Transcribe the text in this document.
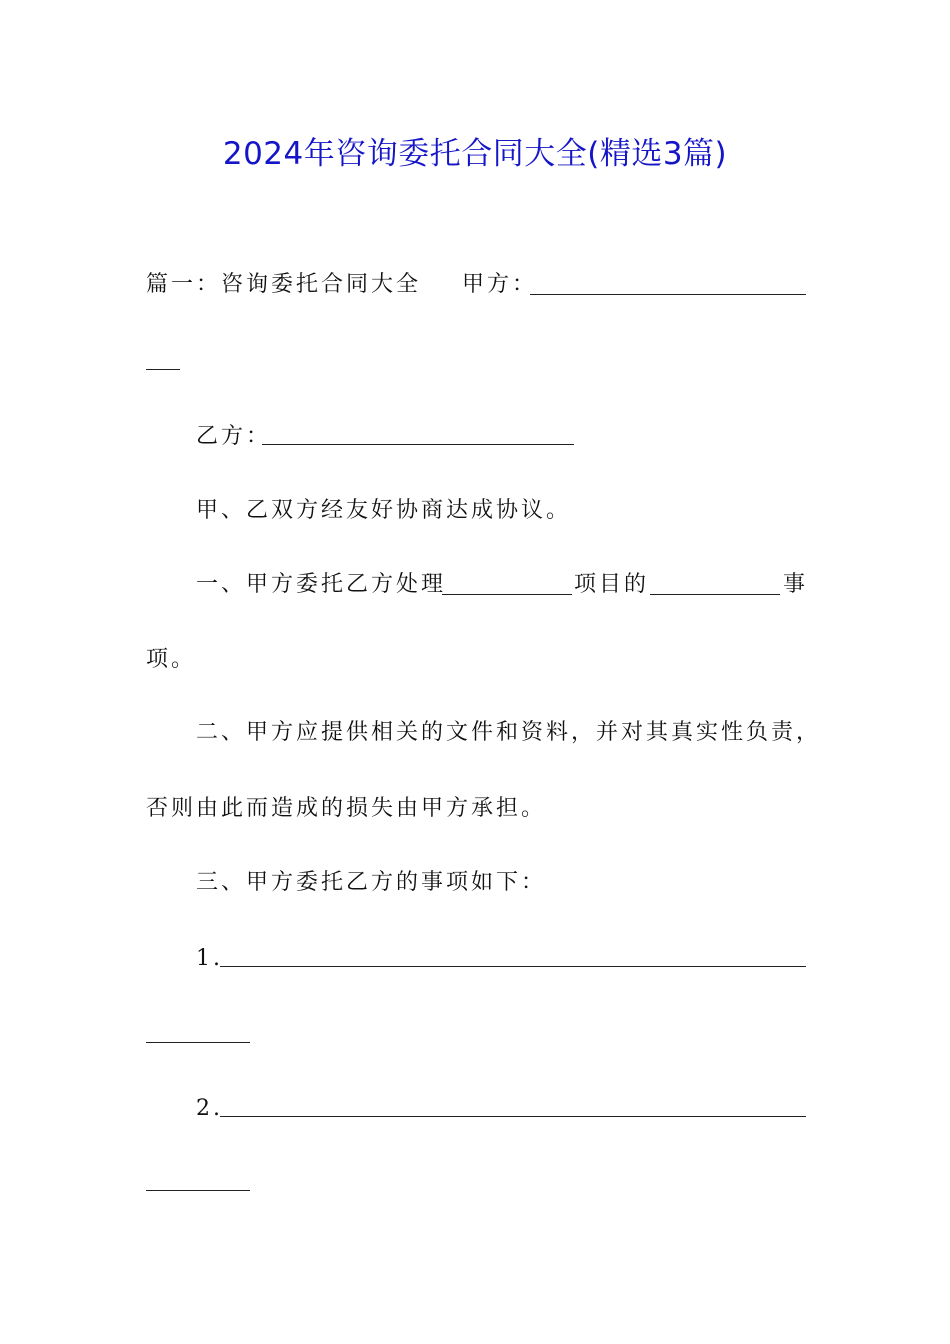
2024年咨询委托合同大全(精选3篇)
篇一：咨询委托合同大全 甲方：
乙方：
甲、乙双方经友好协商达成协议。
一、甲方委托乙方处理	项目的	事
项。
二、甲方应提供相关的文件和资料，并对其真实性负责，
否则由此而造成的损失由甲方承担。
三、甲方委托乙方的事项如下：
1.
2.
